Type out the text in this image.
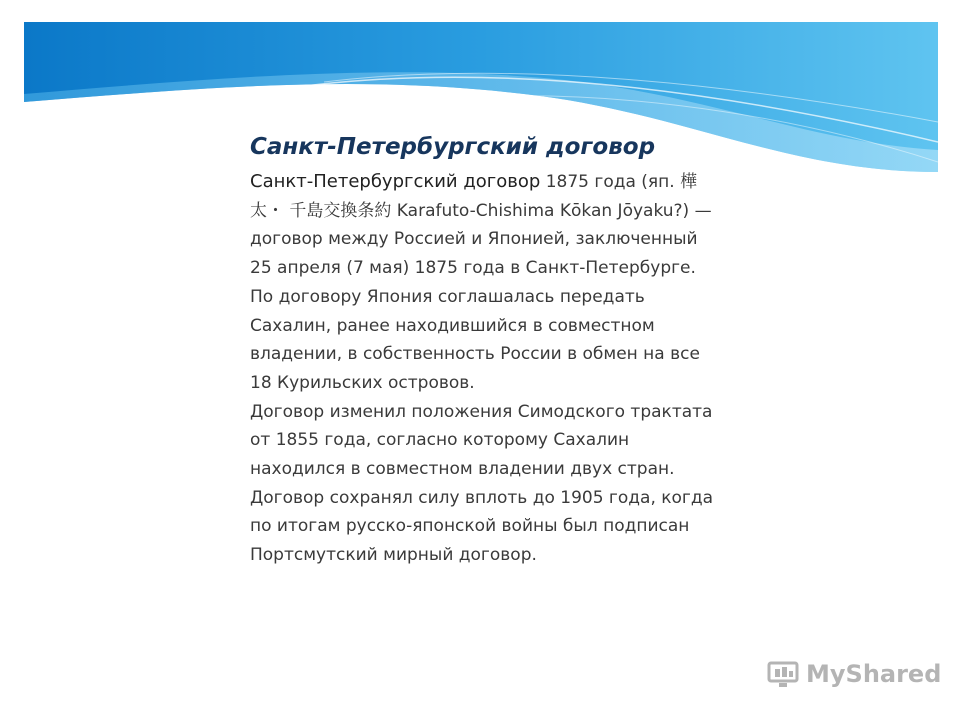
Санкт-Петербургский договор

Санкт-Петербургский договор 1875 года (яп. 樺太・ 千島交換条約 Karafuto-Chishima Kōkan Jōyaku?) — договор между Россией и Японией, заключенный 25 апреля (7 мая) 1875 года в Санкт-Петербурге. По договору Япония соглашалась передать Сахалин, ранее находившийся в совместном владении, в собственность России в обмен на все 18 Курильских островов.

Договор изменил положения Симодского трактата от 1855 года, согласно которому Сахалин находился в совместном владении двух стран. Договор сохранял силу вплоть до 1905 года, когда по итогам русско-японской войны был подписан Портсмутский мирный договор.

MyShared
